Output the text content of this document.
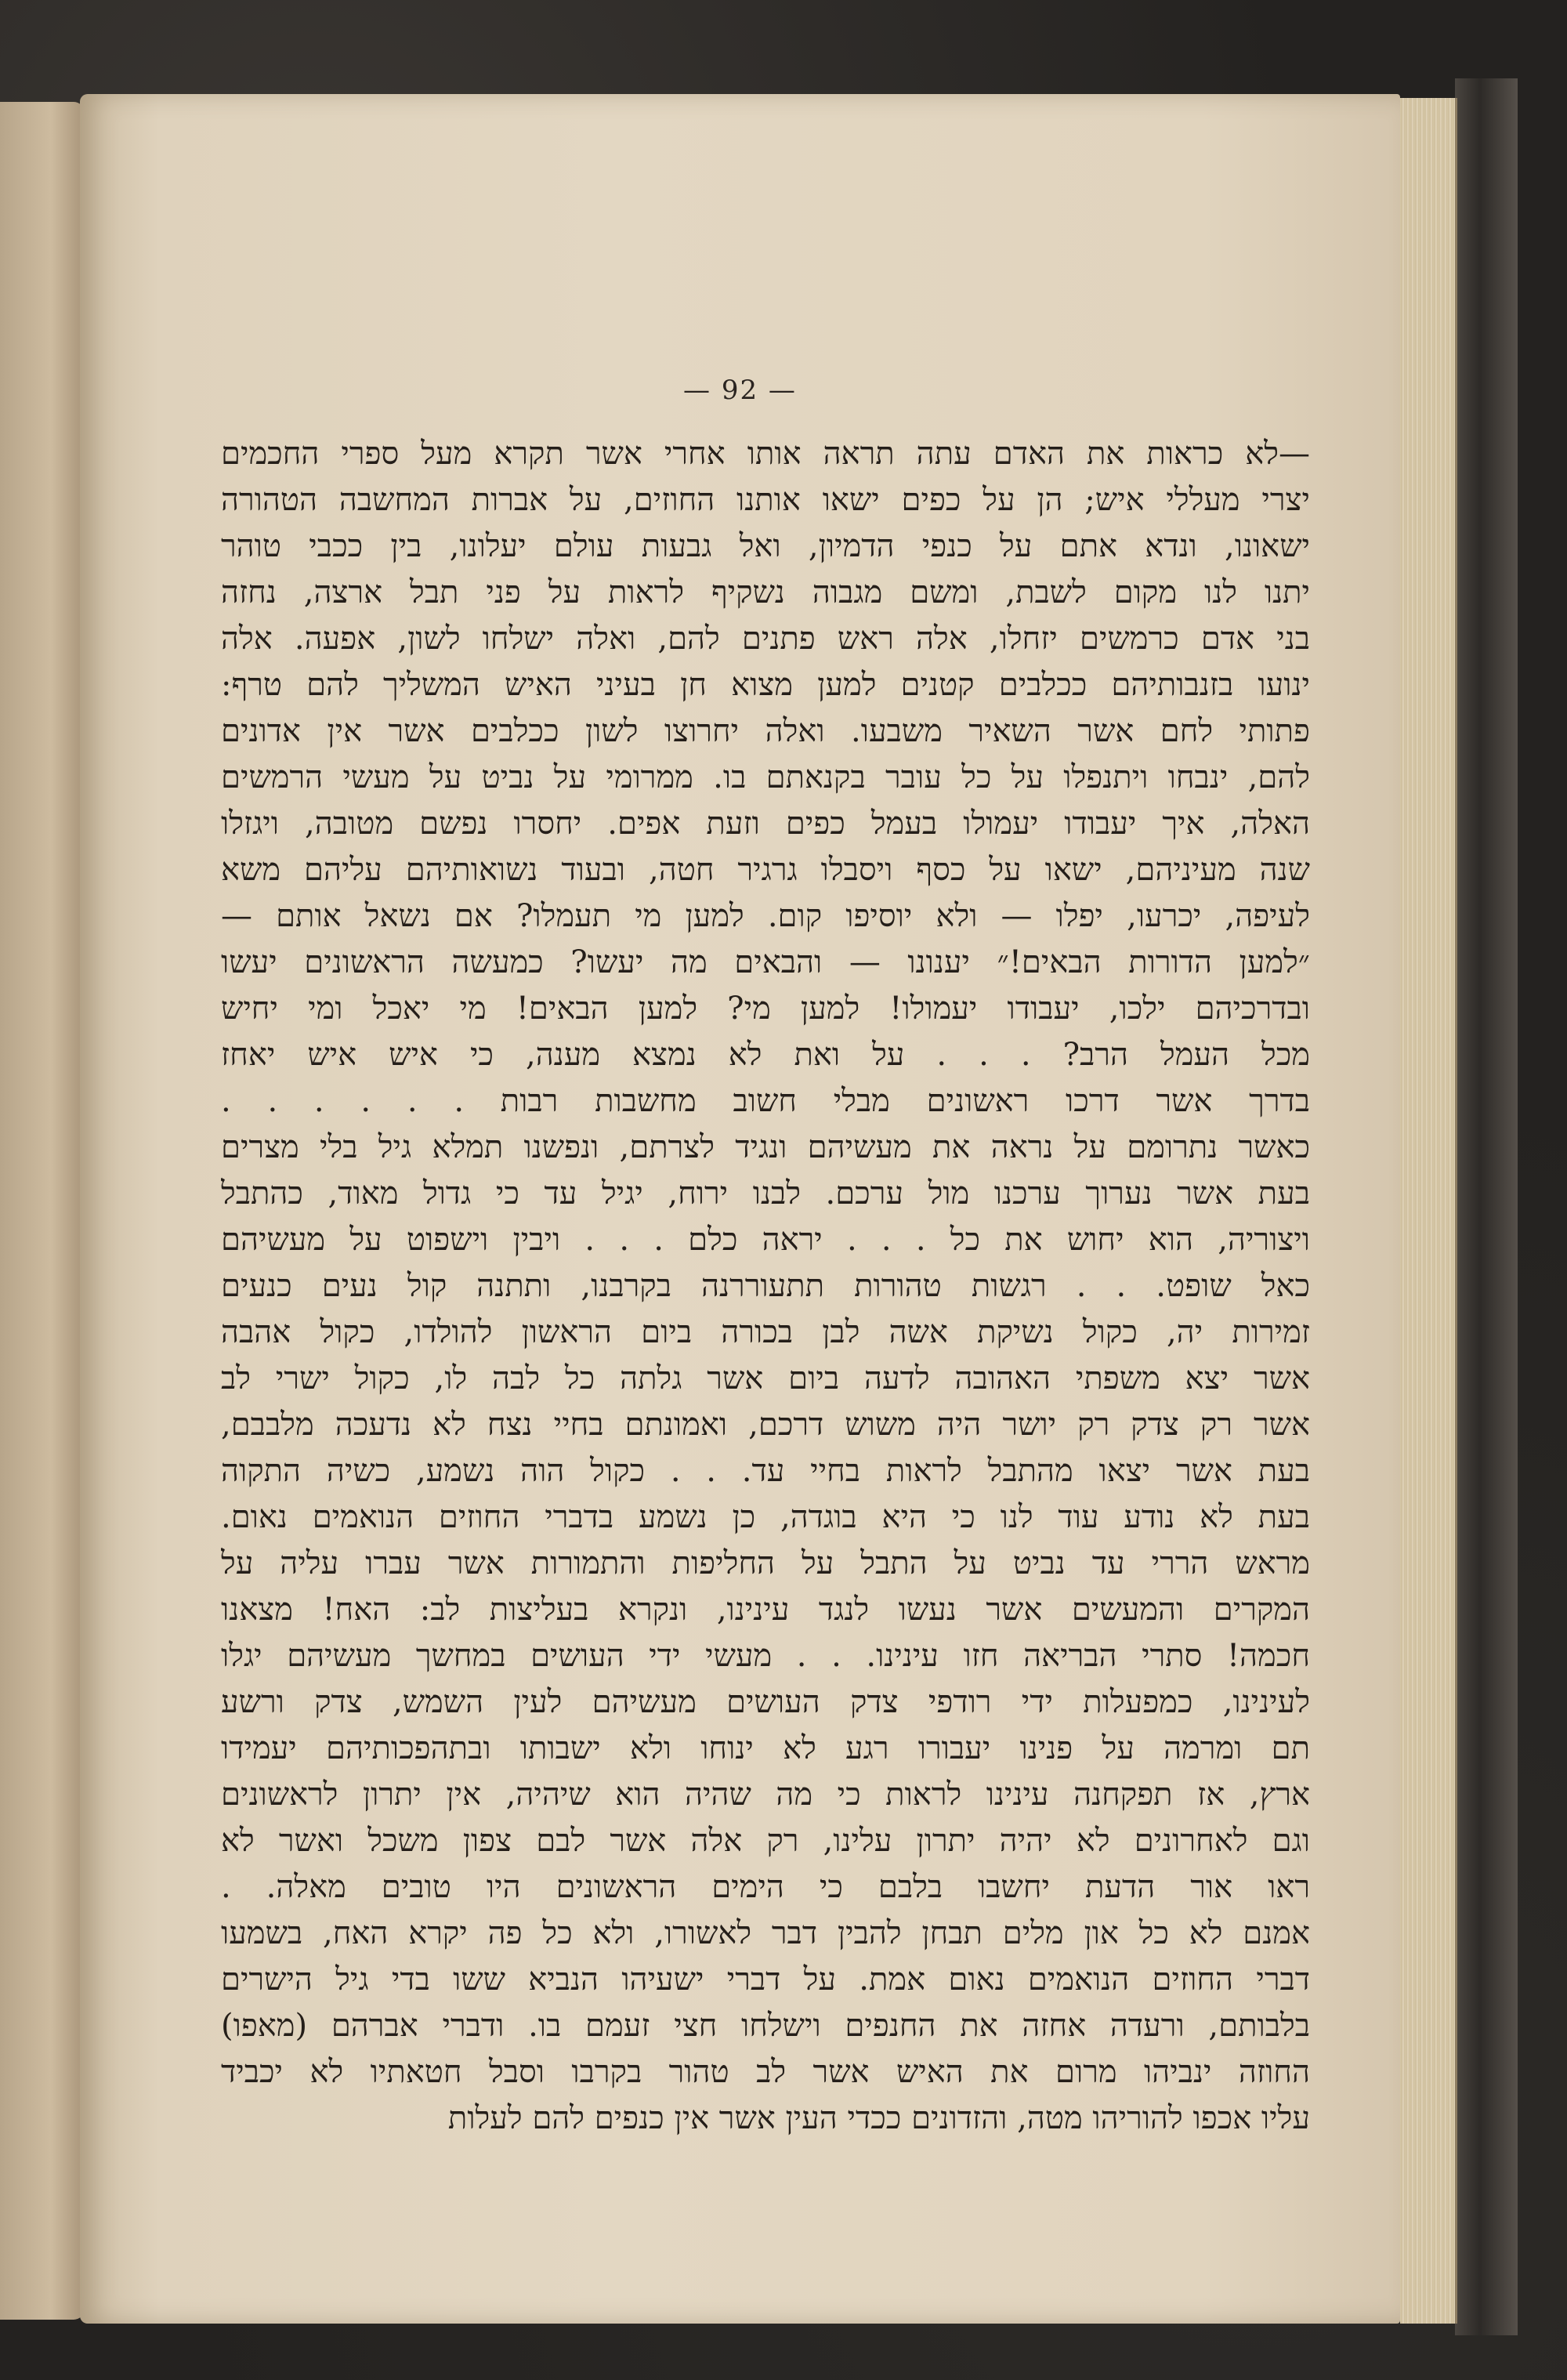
— 92 —
—לא כראות את האדם עתה תראה אותו אחרי אשר תקרא מעל ספרי החכמים
יצרי מעללי איש; הן על כפים ישאו אותנו החוזים, על אברות המחשבה הטהורה
ישאונו, ונדא אתם על כנפי הדמיון, ואל גבעות עולם יעלונו, בין ככבי טוהר
יתנו לנו מקום לשבת, ומשם מגבוה נשקיף לראות על פני תבל ארצה, נחזה
בני אדם כרמשים יזחלו, אלה ראש פתנים להם, ואלה ישלחו לשון, אפעה. אלה
ינועו בזנבותיהם ככלבים קטנים למען מצוא חן בעיני האיש המשליך להם טרף:
פתותי לחם אשר השאיר משבעו. ואלה יחרוצו לשון ככלבים אשר אין אדונים
להם, ינבחו ויתנפלו על כל עובר בקנאתם בו. ממרומי על נביט על מעשי הרמשים
האלה, איך יעבודו יעמולו בעמל כפים וזעת אפים. יחסרו נפשם מטובה, ויגזלו
שנה מעיניהם, ישאו על כסף ויסבלו גרגיר חטה, ובעוד נשואותיהם עליהם משא
לעיפה, יכרעו, יפלו — ולא יוסיפו קום. למען מי תעמלו? אם נשאל אותם —
״למען הדורות הבאים!״ יענונו — והבאים מה יעשו? כמעשה הראשונים יעשו
ובדרכיהם ילכו, יעבודו יעמולו! למען מי? למען הבאים! מי יאכל ומי יחיש
מכל העמל הרב? . . . על ואת לא נמצא מענה, כי איש איש יאחז
בדרך אשר דרכו ראשונים מבלי חשוב מחשבות רבות . . . . . .
כאשר נתרומם על נראה את מעשיהם ונגיד לצרתם, ונפשנו תמלא גיל בלי מצרים
בעת אשר נערוך ערכנו מול ערכם. לבנו ירוח, יגיל עד כי גדול מאוד, כהתבל
ויצוריה, הוא יחוש את כל . . . יראה כלם . . . ויבין וישפוט על מעשיהם
כאל שופט. . . רגשות טהורות תתעוררנה בקרבנו, ותתנה קול נעים כנעים
זמירות יה, כקול נשיקת אשה לבן בכורה ביום הראשון להולדו, כקול אהבה
אשר יצא משפתי האהובה לדעה ביום אשר גלתה כל לבה לו, כקול ישרי לב
אשר רק צדק רק יושר היה משוש דרכם, ואמונתם בחיי נצח לא נדעכה מלבבם,
בעת אשר יצאו מהתבל לראות בחיי עד. . . כקול הוה נשמע, כשיה התקוה
בעת לא נודע עוד לנו כי היא בוגדה, כן נשמע בדברי החוזים הנואמים נאום.
מראש הררי עד נביט על התבל על החליפות והתמורות אשר עברו עליה על
המקרים והמעשים אשר נעשו לנגד עינינו, ונקרא בעליצות לב: האח! מצאנו
חכמה! סתרי הבריאה חזו עינינו. . . מעשי ידי העושים במחשך מעשיהם יגלו
לעינינו, כמפעלות ידי רודפי צדק העושים מעשיהם לעין השמש, צדק ורשע
תם ומרמה על פנינו יעבורו רגע לא ינוחו ולא ישבותו ובתהפכותיהם יעמידו
ארץ, אז תפקחנה עינינו לראות כי מה שהיה הוא שיהיה, אין יתרון לראשונים
וגם לאחרונים לא יהיה יתרון עלינו, רק אלה אשר לבם צפון משכל ואשר לא
ראו אור הדעת יחשבו בלבם כי הימים הראשונים היו טובים מאלה. .
אמנם לא כל און מלים תבחן להבין דבר לאשורו, ולא כל פה יקרא האח, בשמעו
דברי החוזים הנואמים נאום אמת. על דברי ישעיהו הנביא ששו בדי גיל הישרים
בלבותם, ורעדה אחזה את החנפים וישלחו חצי זעמם בו. ודברי אברהם (מאפו)
החוזה ינביהו מרום את האיש אשר לב טהור בקרבו וסבל חטאתיו לא יכביד
עליו אכפו להוריהו מטה, והזדונים ככדי העין אשר אין כנפים להם לעלות
